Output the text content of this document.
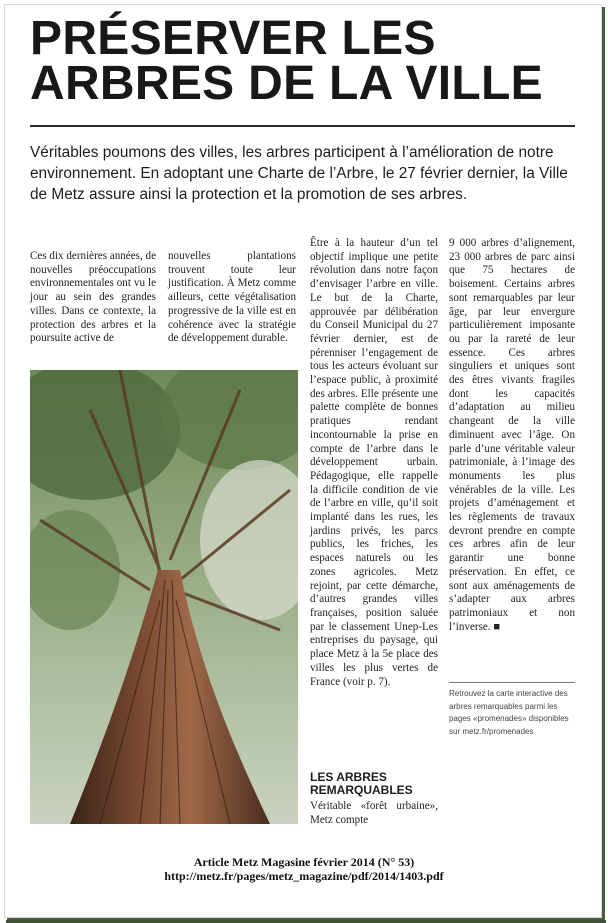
PRÉSERVER LES
ARBRES DE LA VILLE

Véritables poumons des villes, les arbres participent à l’amélioration de notre environnement. En adoptant une Charte de l’Arbre, le 27 février dernier, la Ville de Metz assure ainsi la protection et la promotion de ses arbres.

Ces dix dernières années, de nouvelles préoccupations environnementales ont vu le jour au sein des grandes villes. Dans ce contexte, la protection des arbres et la poursuite active de

nouvelles plantations trouvent toute leur justification. À Metz comme ailleurs, cette végétalisation progressive de la ville est en cohérence avec la stratégie de développement durable.

Être à la hauteur d’un tel objectif implique une petite révolution dans notre façon d’envisager l’arbre en ville. Le but de la Charte, approuvée par délibération du Conseil Municipal du 27 février dernier, est de pérenniser l’engagement de tous les acteurs évoluant sur l’espace public, à proximité des arbres. Elle présente une palette complète de bonnes pratiques rendant incontournable la prise en compte de l’arbre dans le développement urbain. Pédagogique, elle rappelle la difficile condition de vie de l’arbre en ville, qu’il soit implanté dans les rues, les jardins privés, les parcs publics, les friches, les espaces naturels ou les zones agricoles. Metz rejoint, par cette démarche, d’autres grandes villes françaises, position saluée par le classement Unep-Les entreprises du paysage, qui place Metz à la 5e place des villes les plus vertes de France (voir p. 7).

9 000 arbres d’alignement, 23 000 arbres de parc ainsi que 75 hectares de boisement. Certains arbres sont remarquables par leur âge, par leur envergure particulièrement imposante ou par la rareté de leur essence. Ces arbres singuliers et uniques sont des êtres vivants fragiles dont les capacités d’adaptation au milieu changeant de la ville diminuent avec l’âge. On parle d’une véritable valeur patrimoniale, à l’image des monuments les plus vénérables de la ville. Les projets d’aménagement et les règlements de travaux devront prendre en compte ces arbres afin de leur garantir une bonne préservation. En effet, ce sont aux aménagements de s’adapter aux arbres patrimoniaux et non l’inverse. ■

LES ARBRES REMARQUABLES

Véritable «forêt urbaine», Metz compte

Retrouvez la carte interactive des arbres remarquables parmi les pages «promenades» disponibles sur metz.fr/promenades

Article Metz Magasine février 2014 (N° 53)

http://metz.fr/pages/metz_magazine/pdf/2014/1403.pdf
